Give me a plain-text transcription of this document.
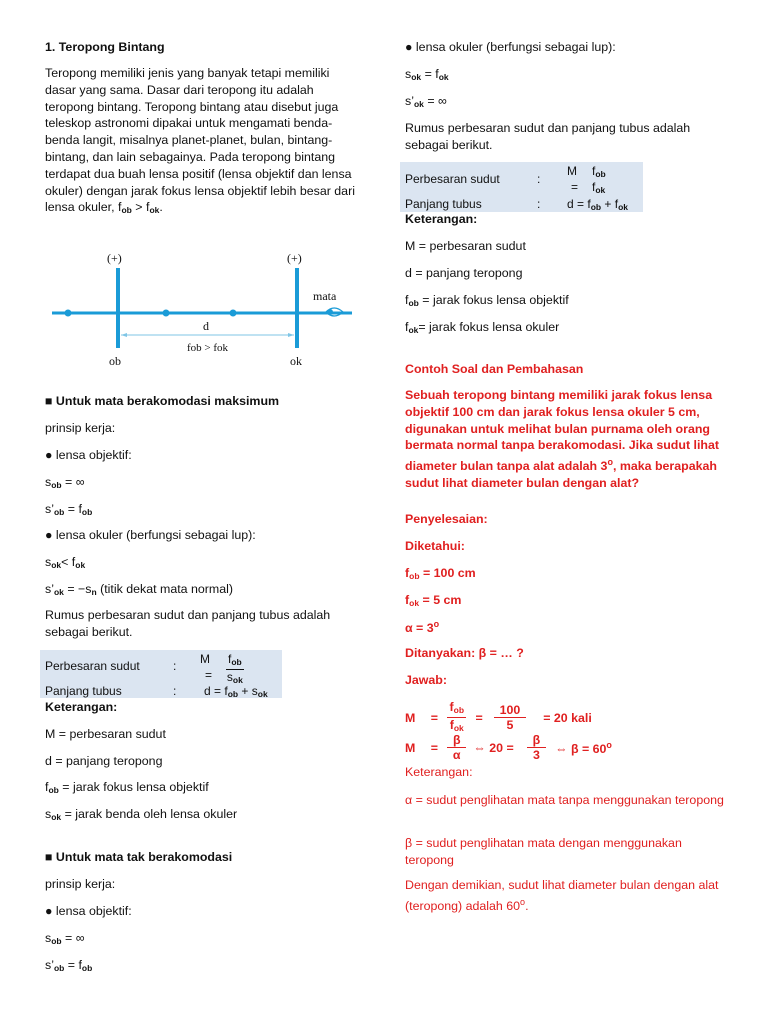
1. Teropong Bintang
Teropong memiliki jenis yang banyak tetapi memiliki dasar yang sama. Dasar dari teropong itu adalah teropong bintang. Teropong bintang atau disebut juga teleskop astronomi dipakai untuk mengamati benda-benda langit, misalnya planet-planet, bulan, bintang-bintang, dan lain sebagainya. Pada teropong bintang terdapat dua buah lensa positif (lensa objektif dan lensa okuler) dengan jarak fokus lensa objektif lebih besar dari lensa okuler, $f_{ob} > f_{ok}$.
(+)	(+)
mata
d
fob > fok
ob	ok
■ Untuk mata berakomodasi maksimum
prinsip kerja:
● lensa objektif:
$s_{ob}$ = ∞
$s’_{ob} = f_{ob}$
● lensa okuler (berfungsi sebagai lup):
$s_{ok}< f_{ok}$
$s’_{ok} = -s_n$ (titik dekat mata normal)
Rumus perbesaran sudut dan panjang tubus adalah sebagai berikut.
Perbesaran sudut	: M
= $\frac{f_{ob}}{s_{ok}}$
Panjang tubus	: $d = f_{ob} + s_{ok}$
Keterangan:
M = perbesaran sudut
d = panjang teropong
$f_{ob}$ = jarak fokus lensa objektif
$s_{ok}$ = jarak benda oleh lensa okuler
■ Untuk mata tak berakomodasi
prinsip kerja:
● lensa objektif:
$s_{ob}$ = ∞
$s’_{ob} = f_{ob}$
● lensa okuler (berfungsi sebagai lup):
$s_{ok} = f_{ok}$
$s’_{ok}$ = ∞
Rumus perbesaran sudut dan panjang tubus adalah sebagai berikut.
Perbesaran sudut	:
M
=
$f_{ob}$
$f_{ok}$
Panjang tubus	: $d = f_{ob} + f_{ok}$
Keterangan:
M = perbesaran sudut
d = panjang teropong
$f_{ob}$ = jarak fokus lensa objektif
$f_{ok}=$ jarak fokus lensa okuler
Contoh Soal dan Pembahasan
Sebuah teropong bintang memiliki jarak fokus lensa objektif 100 cm dan jarak fokus lensa okuler 5 cm, digunakan untuk melihat bulan purnama oleh orang bermata normal tanpa berakomodasi. Jika sudut lihat diameter bulan tanpa alat adalah 3$^o$, maka berapakah sudut lihat diameter bulan dengan alat?
Penyelesaian:
Diketahui:
$f_{ob} = 100$ cm
$f_{ok} = 5$ cm
$\alpha = 3^o$
Ditanyakan: β = … ?
Jawab:
$M = \frac{f_{ob}}{f_{ok}} = \frac{100}{5} = 20$ kali
$M = \frac{\beta}{\alpha}$ ⇔ $20 = \frac{\beta}{3}$ ⇔ $\beta = 60^o$
Keterangan:
α = sudut penglihatan mata tanpa menggunakan teropong
β = sudut penglihatan mata dengan menggunakan teropong
Dengan demikian, sudut lihat diameter bulan dengan alat (teropong) adalah 60$^o$.
